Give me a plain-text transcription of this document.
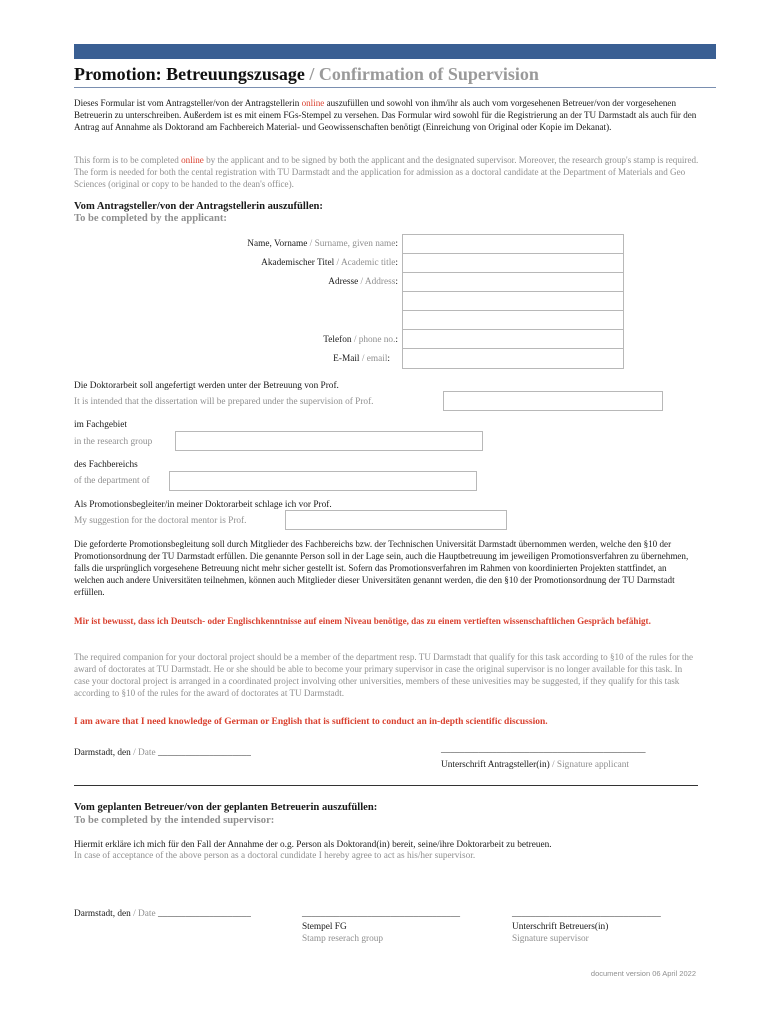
Promotion: Betreuungszusage / Confirmation of Supervision
Dieses Formular ist vom Antragsteller/von der Antragstellerin online auszufüllen und sowohl von ihm/ihr als auch vom vorgesehenen Betreuer/von der vorgesehenen Betreuerin zu unterschreiben. Außerdem ist es mit einem FGs-Stempel zu versehen. Das Formular wird sowohl für die Registrierung an der TU Darmstadt als auch für den Antrag auf Annahme als Doktorand am Fachbereich Material- und Geowissenschaften benötigt (Einreichung von Original oder Kopie im Dekanat).
This form is to be completed online by the applicant and to be signed by both the applicant and the designated supervisor. Moreover, the research group's stamp is required. The form is needed for both the cental registration with TU Darmstadt and the application for admission as a doctoral candidate at the Department of Materials and Geo Sciences (original or copy to be handed to the dean's office).
Vom Antragsteller/von der Antragstellerin auszufüllen:
To be completed by the applicant:
Name, Vorname / Surname, given name:
Akademischer Titel / Academic title:
Adresse / Address:
Telefon / phone no.:
E-Mail / email:
Die Doktorarbeit soll angefertigt werden unter der Betreuung von Prof.
It is intended that the dissertation will be prepared under the supervision of Prof.
im Fachgebiet
in the research group
des Fachbereichs
of the department of
Als Promotionsbegleiter/in meiner Doktorarbeit schlage ich vor Prof.
My suggestion for the doctoral mentor is Prof.
Die geforderte Promotionsbegleitung soll durch Mitglieder des Fachbereichs bzw. der Technischen Universität Darmstadt übernommen werden, welche den §10 der Promotionsordnung der TU Darmstadt erfüllen. Die genannte Person soll in der Lage sein, auch die Hauptbetreuung im jeweiligen Promotionsverfahren zu übernehmen, falls die ursprünglich vorgesehene Betreuung nicht mehr sicher gestellt ist. Sofern das Promotionsverfahren im Rahmen von koordinierten Projekten stattfindet, an welchen auch andere Universitäten teilnehmen, können auch Mitglieder dieser Universitäten genannt werden, die den §10 der Promotionsordnung der TU Darmstadt erfüllen.
Mir ist bewusst, dass ich Deutsch- oder Englischkenntnisse auf einem Niveau benötige, das zu einem vertieften wissenschaftlichen Gespräch befähigt.
The required companion for your doctoral project should be a member of the department resp. TU Darmstadt that qualify for this task according to §10 of the rules for the award of doctorates at TU Darmstadt. He or she should be able to become your primary supervisor in case the original supervisor is no longer available for this task. In case your doctoral project is arranged in a coordinated project involving other universities, members of these univesities may be suggested, if they qualify for this task according to §10 of the rules for the award of doctorates at TU Darmstadt.
I am aware that I need knowledge of German or English that is sufficient to conduct an in-depth scientific discussion.
Darmstadt, den / Date ____________________	____________________________________________
Unterschrift Antragsteller(in) / Signature applicant
Vom geplanten Betreuer/von der geplanten Betreuerin auszufüllen:
To be completed by the intended supervisor:
Hiermit erkläre ich mich für den Fall der Annahme der o.g. Person als Doktorand(in) bereit, seine/ihre Doktorarbeit zu betreuen.
In case of acceptance of the above person as a doctoral cundidate I hereby agree to act as his/her supervisor.
Darmstadt, den / Date ____________________	__________________________________
Stempel FG
Stamp reserach group
________________________________
Unterschrift Betreuers(in)
Signature supervisor
document version 06 April 2022
